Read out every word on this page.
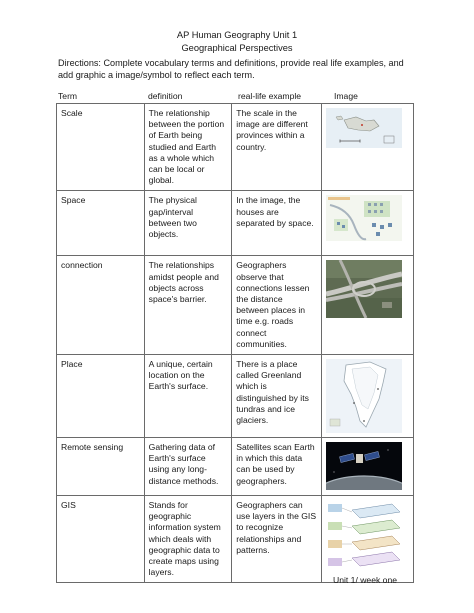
AP Human Geography Unit 1
Geographical Perspectives
Directions: Complete vocabulary terms and definitions, provide real life examples, and add graphic a image/symbol to reflect each term.
Term	definition	real-life example	Image
Scale	The relationship between the portion of Earth being studied and Earth as a whole which can be local or global.	The scale in the image are different provinces within a country.	

Space	The physical gap/interval between two objects.	In the image, the houses are separated by space.	

connection	The relationships amidst people and objects across space's barrier.	Geographers observe that connections lessen the distance between places in time e.g. roads connect communities.	

Place	A unique, certain location on the Earth's surface.	There is a place called Greenland which is distinguished by its tundras and ice glaciers.	

Remote sensing	Gathering data of Earth's surface using any long-distance methods.	Satellites scan Earth in which this data can be used by geographers.	

GIS	Stands for geographic information system which deals with geographic data to create maps using layers.	Geographers can use layers in the GIS to recognize relationships and patterns.	
Unit 1/ week one
